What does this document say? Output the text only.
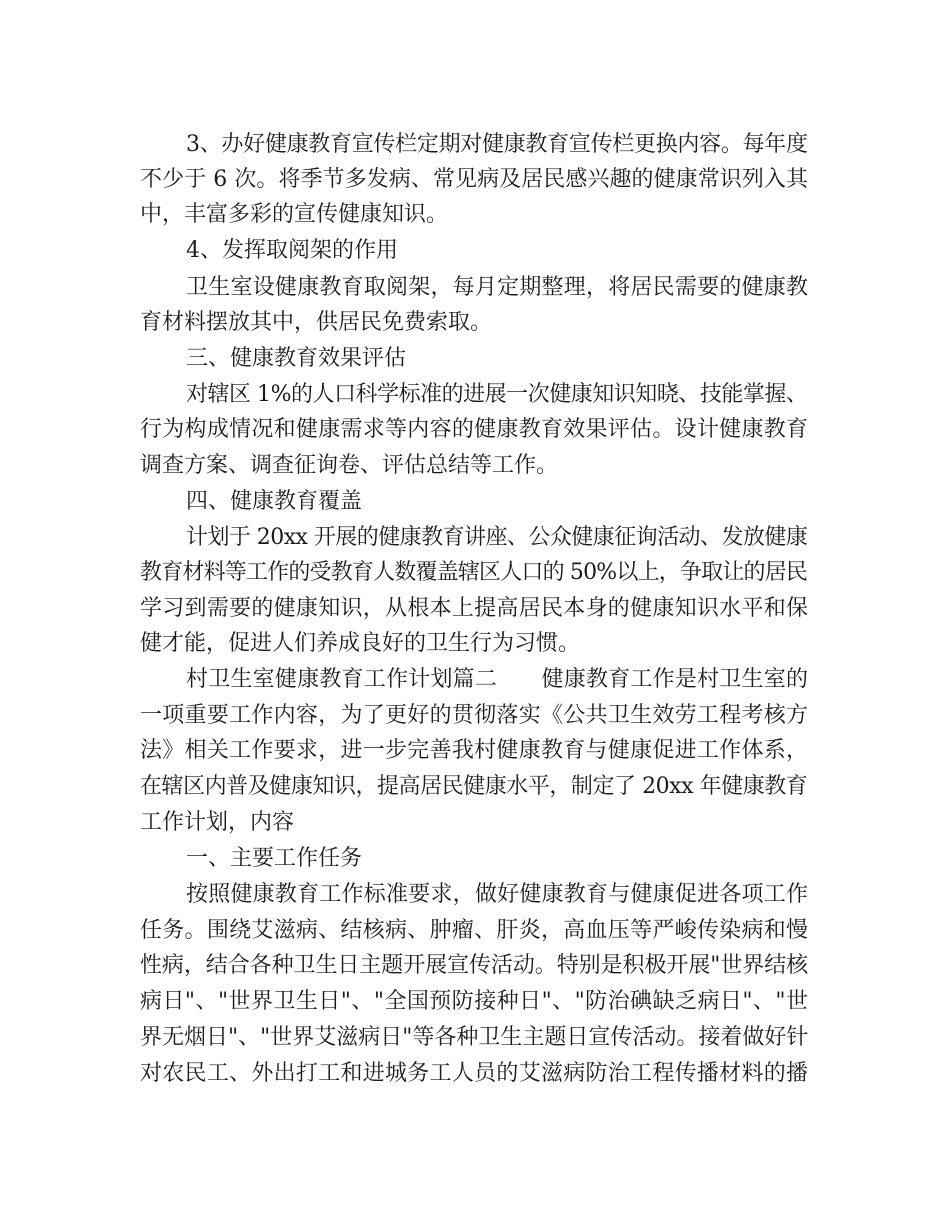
3、办好健康教育宣传栏定期对健康教育宣传栏更换内容。每年度
不少于 6 次。将季节多发病、常见病及居民感兴趣的健康常识列入其
中，丰富多彩的宣传健康知识。
4、发挥取阅架的作用
卫生室设健康教育取阅架，每月定期整理，将居民需要的健康教
育材料摆放其中，供居民免费索取。
三、健康教育效果评估
对辖区 1%的人口科学标准的进展一次健康知识知晓、技能掌握、
行为构成情况和健康需求等内容的健康教育效果评估。设计健康教育
调查方案、调查征询卷、评估总结等工作。
四、健康教育覆盖
计划于 20xx 开展的健康教育讲座、公众健康征询活动、发放健康
教育材料等工作的受教育人数覆盖辖区人口的 50%以上，争取让的居民
学习到需要的健康知识，从根本上提高居民本身的健康知识水平和保
健才能，促进人们养成良好的卫生行为习惯。
村卫生室健康教育工作计划篇二　　健康教育工作是村卫生室的
一项重要工作内容，为了更好的贯彻落实《公共卫生效劳工程考核方
法》相关工作要求，进一步完善我村健康教育与健康促进工作体系，
在辖区内普及健康知识，提高居民健康水平，制定了 20xx 年健康教育
工作计划，内容
一、主要工作任务
按照健康教育工作标准要求，做好健康教育与健康促进各项工作
任务。围绕艾滋病、结核病、肿瘤、肝炎，高血压等严峻传染病和慢
性病，结合各种卫生日主题开展宣传活动。特别是积极开展"世界结核
病日"、"世界卫生日"、"全国预防接种日"、"防治碘缺乏病日"、"世
界无烟日"、"世界艾滋病日"等各种卫生主题日宣传活动。接着做好针
对农民工、外出打工和进城务工人员的艾滋病防治工程传播材料的播
